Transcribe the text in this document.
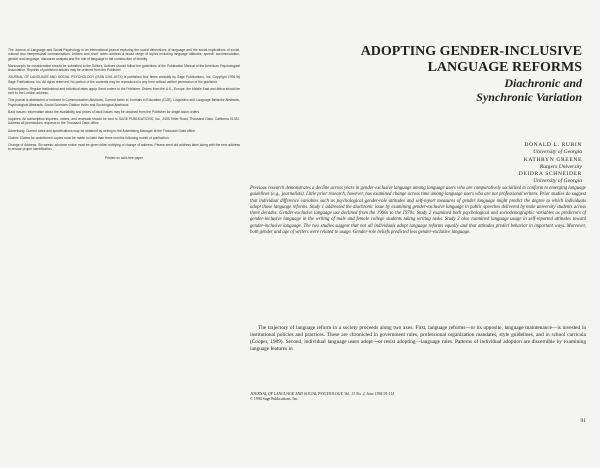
The Journal of Language and Social Psychology is an international journal exploring the social dimensions of language and the social implications of social, cultural and interpersonal communication. Articles and short notes address a broad range of topics including language attitudes, speech accommodation, gender and language, discourse analysis and the role of language in the construction of identity.

Manuscripts for consideration should be submitted to the Editors. Authors should follow the guidelines of the Publication Manual of the American Psychological Association. Reprints of published articles may be ordered from the Publisher.

JOURNAL OF LANGUAGE AND SOCIAL PSYCHOLOGY (ISSN 0261-927X) is published four times annually by Sage Publications, Inc. Copyright 1994 by Sage Publications, Inc. All rights reserved. No portion of the contents may be reproduced in any form without written permission of the publisher.

Subscriptions: Regular institutional and individual rates apply. Send orders to the Publisher. Orders from the U.K., Europe, the Middle East and Africa should be sent to the London address.

This journal is abstracted or indexed in Communication Abstracts, Current Index to Journals in Education (CIJE), Linguistics and Language Behavior Abstracts, Psychological Abstracts, Social Sciences Citation Index and Sociological Abstracts.

Back Issues: Information about the availability and prices of back issues may be obtained from the Publisher for single-issue orders.

Inquiries: All subscription inquiries, orders, and renewals should be sent to SAGE PUBLICATIONS, Inc., 2455 Teller Road, Thousand Oaks, California 91320. Address all permissions requests to the Thousand Oaks office.

Advertising: Current rates and specifications may be obtained by writing to the Advertising Manager at the Thousand Oaks office.

Claims: Claims for undelivered copies must be made no later than three months following month of publication.

Change of Address: Six weeks' advance notice must be given when notifying of change of address. Please send old address label along with the new address to ensure proper identification.

Printed on acid-free paper

ADOPTING GENDER-INCLUSIVE
LANGUAGE REFORMS
Diachronic and
Synchronic Variation
DONALD L. RUBIN
University of Georgia
KATHRYN GREENE
Rutgers University
DEIDRA SCHNEIDER
University of Georgia
Previous research demonstrates a decline across years in gender-exclusive language among language users who are comparatively socialized to conform to emerging language guidelines (e.g., journalists). Little prior research, however, has examined change across time among language users who are not professional writers. Prior studies do suggest that individual difference variables such as psychological gender-role attitudes and self-report measures of gender language might predict the degree to which individuals adopt those language reforms. Study 1 addressed the diachronic issue by examining gender-exclusive language in public speeches delivered by male university students across three decades. Gender-exclusive language use declined from the 1960s to the 1970s. Study 2 examined both psychological and sociodemographic variables as predictors of gender-inclusive language in the writing of male and female college students taking writing tasks. Study 2 also examined language usage in self-reported attitudes toward gender-inclusive language. The two studies suggest that not all individuals adopt language reforms equally and that attitudes predict behavior in important ways. Moreover, both gender and age of writers were related to usage. Gender-role beliefs predicted less gender-exclusive language.
The trajectory of language reform in a society proceeds along two axes. First, language reforms—or its opposite, language maintenance—is invested in institutional policies and practices. These are chronicled in government rules, professional organization mandates, style guidelines, and in school curricula (Cooper, 1989). Second, individual language users adopt—or resist adopting—language rules. Patterns of individual adoption are discernible by examining language features in
JOURNAL OF LANGUAGE AND SOCIAL PSYCHOLOGY, Vol. 13 No. 2, June 1994 91-114
© 1994 Sage Publications, Inc.
91
